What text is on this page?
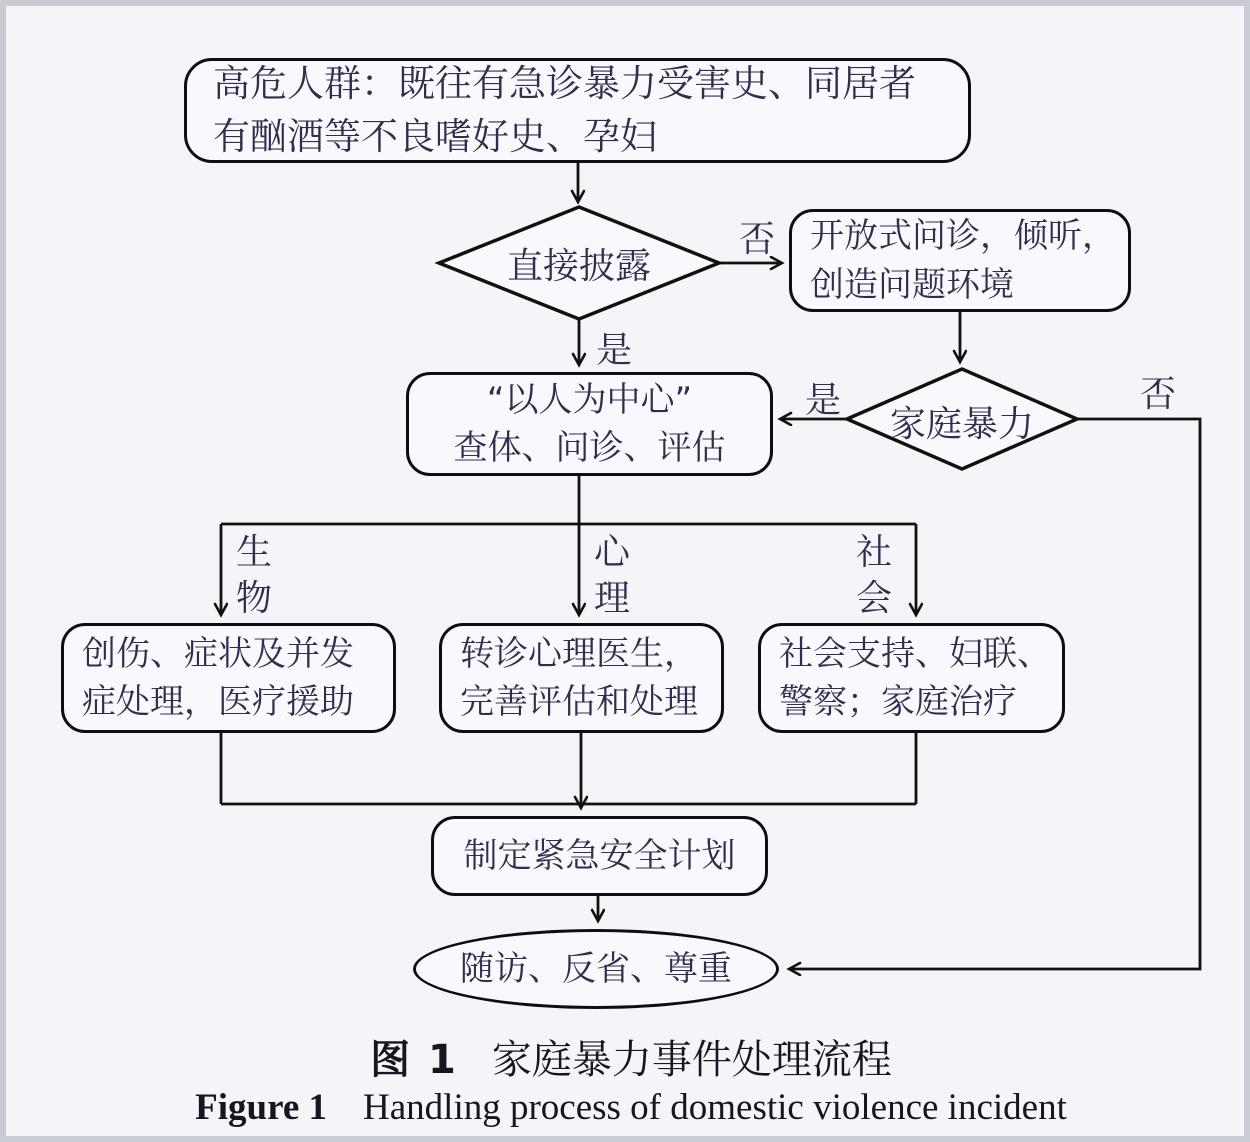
高危人群：既往有急诊暴力受害史、同居者
有酗酒等不良嗜好史、孕妇
直接披露
开放式问诊，倾听，
创造问题环境
“以人为中心”
查体、问诊、评估
家庭暴力
否
是
是	否
生物
心理
社会
创伤、症状及并发
症处理，医疗援助
转诊心理医生，
完善评估和处理
社会支持、妇联、
警察；家庭治疗
制定紧急安全计划
随访、反省、尊重
图 1 家庭暴力事件处理流程
Figure 1 Handling process of domestic violence incident
